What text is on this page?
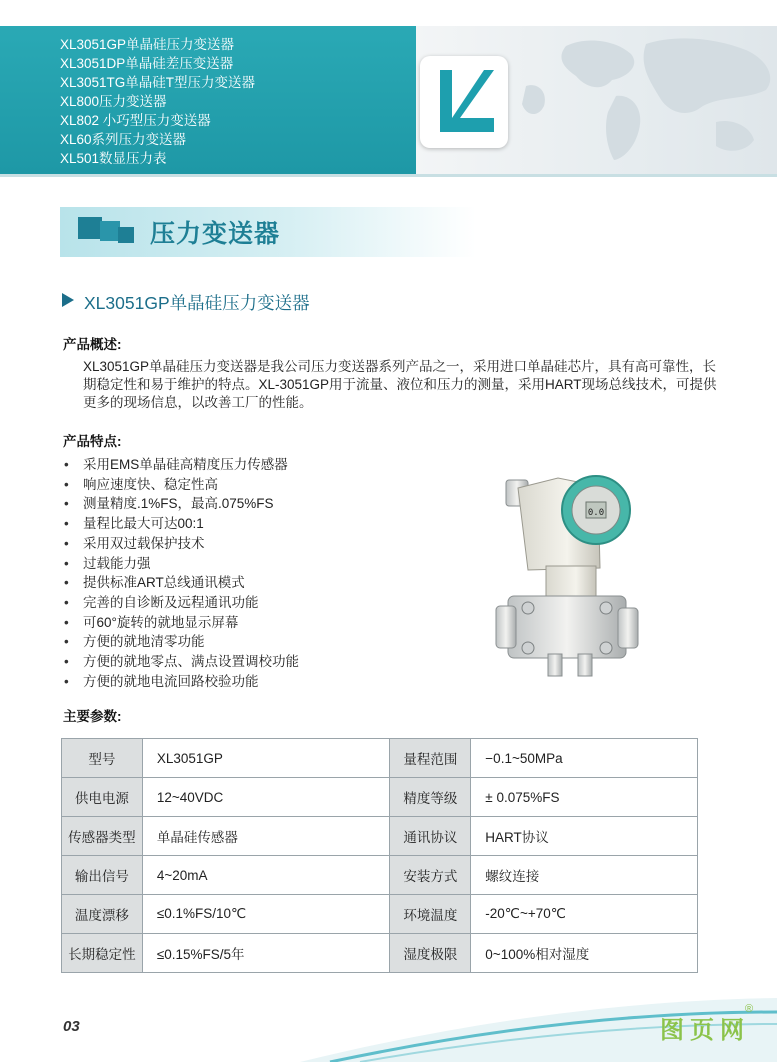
XL3051GP单晶硅压力变送器
XL3051DP单晶硅差压变送器
XL3051TG单晶硅T型压力变送器
XL800压力变送器
XL802 小巧型压力变送器
XL60系列压力变送器
XL501数显压力表
压力变送器
XL3051GP单晶硅压力变送器
产品概述:
XL3051GP单晶硅压力变送器是我公司压力变送器系列产品之一，采用进口单晶硅芯片，具有高可靠性，长期稳定性和易于维护的特点。XL-3051GP用于流量、液位和压力的测量，采用HART现场总线技术，可提供更多的现场信息，以改善工厂的性能。
产品特点:
• 采用EMS单晶硅高精度压力传感器
• 响应速度快、稳定性高
• 测量精度.1%FS，最高.075%FS
• 量程比最大可达00:1
• 采用双过载保护技术
• 过载能力强
• 提供标准ART总线通讯模式
• 完善的自诊断及远程通讯功能
• 可60°旋转的就地显示屏幕
• 方便的就地清零功能
• 方便的就地零点、满点设置调校功能
• 方便的就地电流回路校验功能
0.0
主要参数:
型号	XL3051GP	量程范围	−0.1~50MPa
供电电源	12~40VDC	精度等级	± 0.075%FS
传感器类型	单晶硅传感器	通讯协议	HART协议
输出信号	4~20mA	安装方式	螺纹连接
温度漂移	≤0.1%FS/10℃	环境温度	-20℃~+70℃
长期稳定性	≤0.15%FS/5年	湿度极限	0~100%相对湿度
03	图页网
®
